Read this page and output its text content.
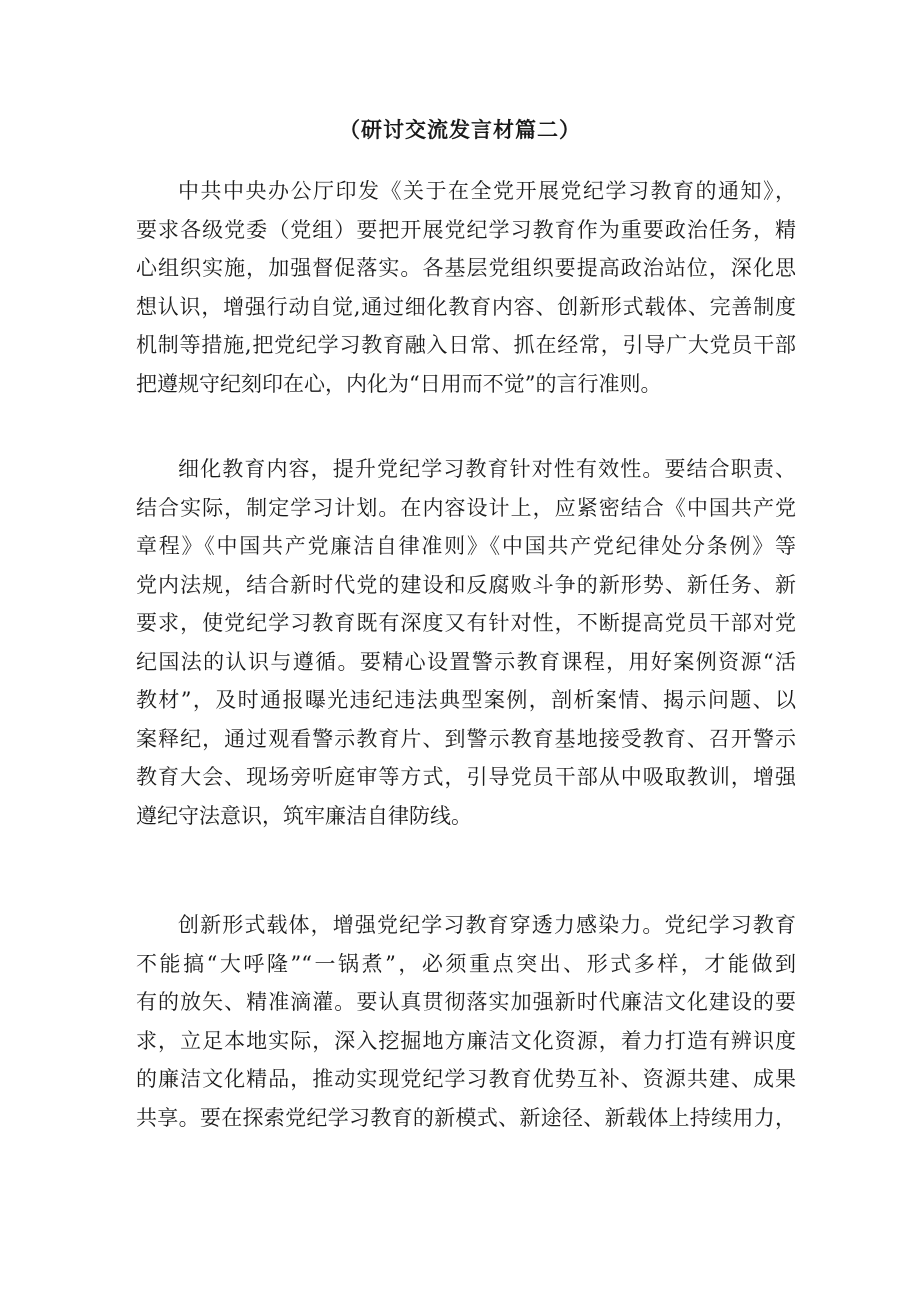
（研讨交流发言材篇二）

中共中央办公厅印发《关于在全党开展党纪学习教育的通知》，
要求各级党委（党组）要把开展党纪学习教育作为重要政治任务，精
心组织实施，加强督促落实。各基层党组织要提高政治站位，深化思
想认识，增强行动自觉,通过细化教育内容、创新形式载体、完善制度
机制等措施,把党纪学习教育融入日常、抓在经常，引导广大党员干部
把遵规守纪刻印在心，内化为“日用而不觉”的言行准则。

细化教育内容，提升党纪学习教育针对性有效性。要结合职责、
结合实际，制定学习计划。在内容设计上，应紧密结合《中国共产党
章程》《中国共产党廉洁自律准则》《中国共产党纪律处分条例》等
党内法规，结合新时代党的建设和反腐败斗争的新形势、新任务、新
要求，使党纪学习教育既有深度又有针对性，不断提高党员干部对党
纪国法的认识与遵循。要精心设置警示教育课程，用好案例资源“活
教材”，及时通报曝光违纪违法典型案例，剖析案情、揭示问题、以
案释纪，通过观看警示教育片、到警示教育基地接受教育、召开警示
教育大会、现场旁听庭审等方式，引导党员干部从中吸取教训，增强
遵纪守法意识，筑牢廉洁自律防线。

创新形式载体，增强党纪学习教育穿透力感染力。党纪学习教育
不能搞“大呼隆”“一锅煮”，必须重点突出、形式多样，才能做到
有的放矢、精准滴灌。要认真贯彻落实加强新时代廉洁文化建设的要
求，立足本地实际，深入挖掘地方廉洁文化资源，着力打造有辨识度
的廉洁文化精品，推动实现党纪学习教育优势互补、资源共建、成果
共享。要在探索党纪学习教育的新模式、新途径、新载体上持续用力，
